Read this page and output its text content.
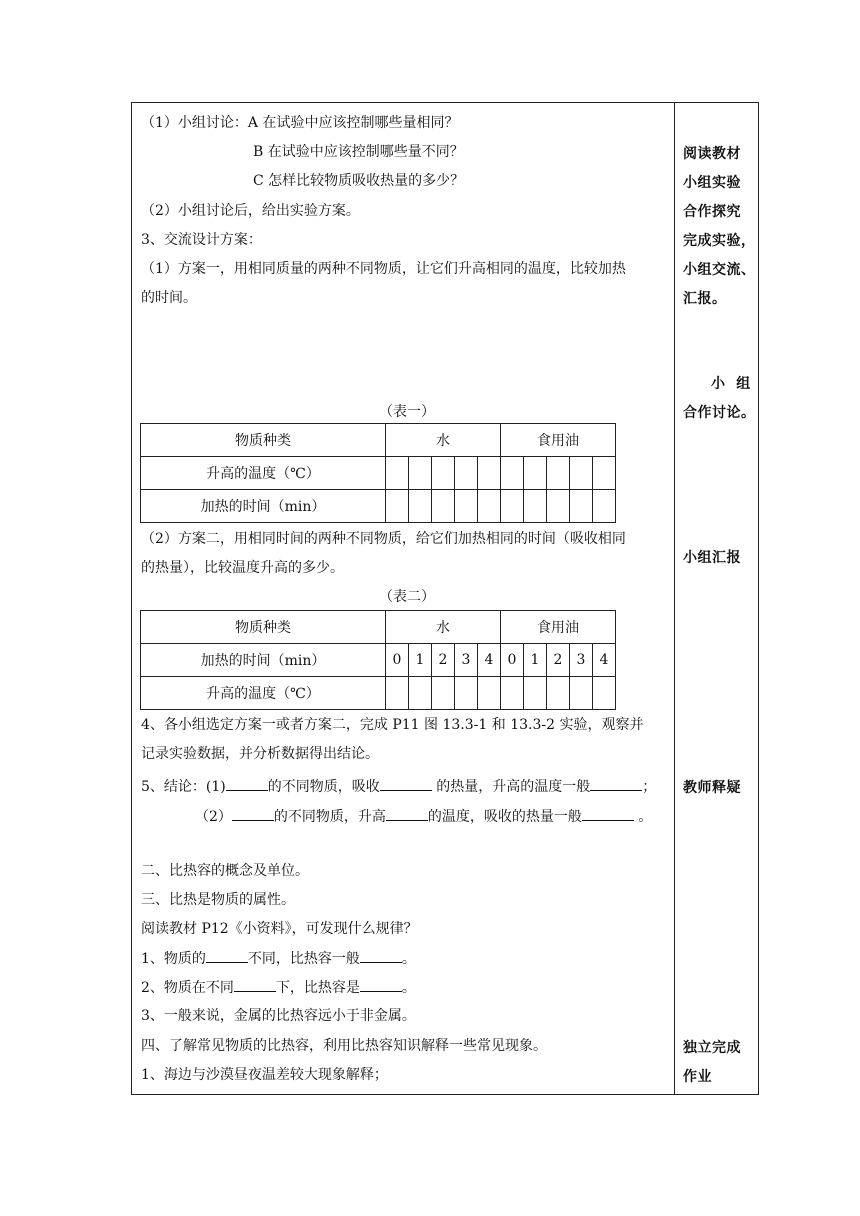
（1）小组讨论：A 在试验中应该控制哪些量相同？
B 在试验中应该控制哪些量不同？
C 怎样比较物质吸收热量的多少？
（2）小组讨论后，给出实验方案。
3、交流设计方案：
（1）方案一，用相同质量的两种不同物质，让它们升高相同的温度，比较加热
的时间。
（表一）
物质种类	水					食用油				
升高的温度（℃）										
加热的时间（min）										
（2）方案二，用相同时间的两种不同物质，给它们加热相同的时间（吸收相同
的热量），比较温度升高的多少。
（表二）
物质种类	水					食用油				
加热的时间（min）	0	1	2	3	4	0	1	2	3	4
升高的温度（℃）										
4、各小组选定方案一或者方案二，完成 P11 图 13.3-1 和 13.3-2 实验，观察并
记录实验数据，并分析数据得出结论。
5、结论：(1)	的不同物质，吸收	的热量，升高的温度一般	；
（2）	的不同物质，升高	的温度，吸收的热量一般	。
二、比热容的概念及单位。
三、比热是物质的属性。
阅读教材 P12《小资料》，可发现什么规律？
1、物质的	不同，比热容一般	。
2、物质在不同	下，比热容是	。
3、一般来说，金属的比热容远小于非金属。
四、了解常见物质的比热容，利用比热容知识解释一些常见现象。
1、海边与沙漠昼夜温差较大现象解释；
阅读教材
小组实验
合作探究
完成实验，
小组交流、
汇报。
小  组
合作讨论。
小组汇报
教师释疑
独立完成
作业
